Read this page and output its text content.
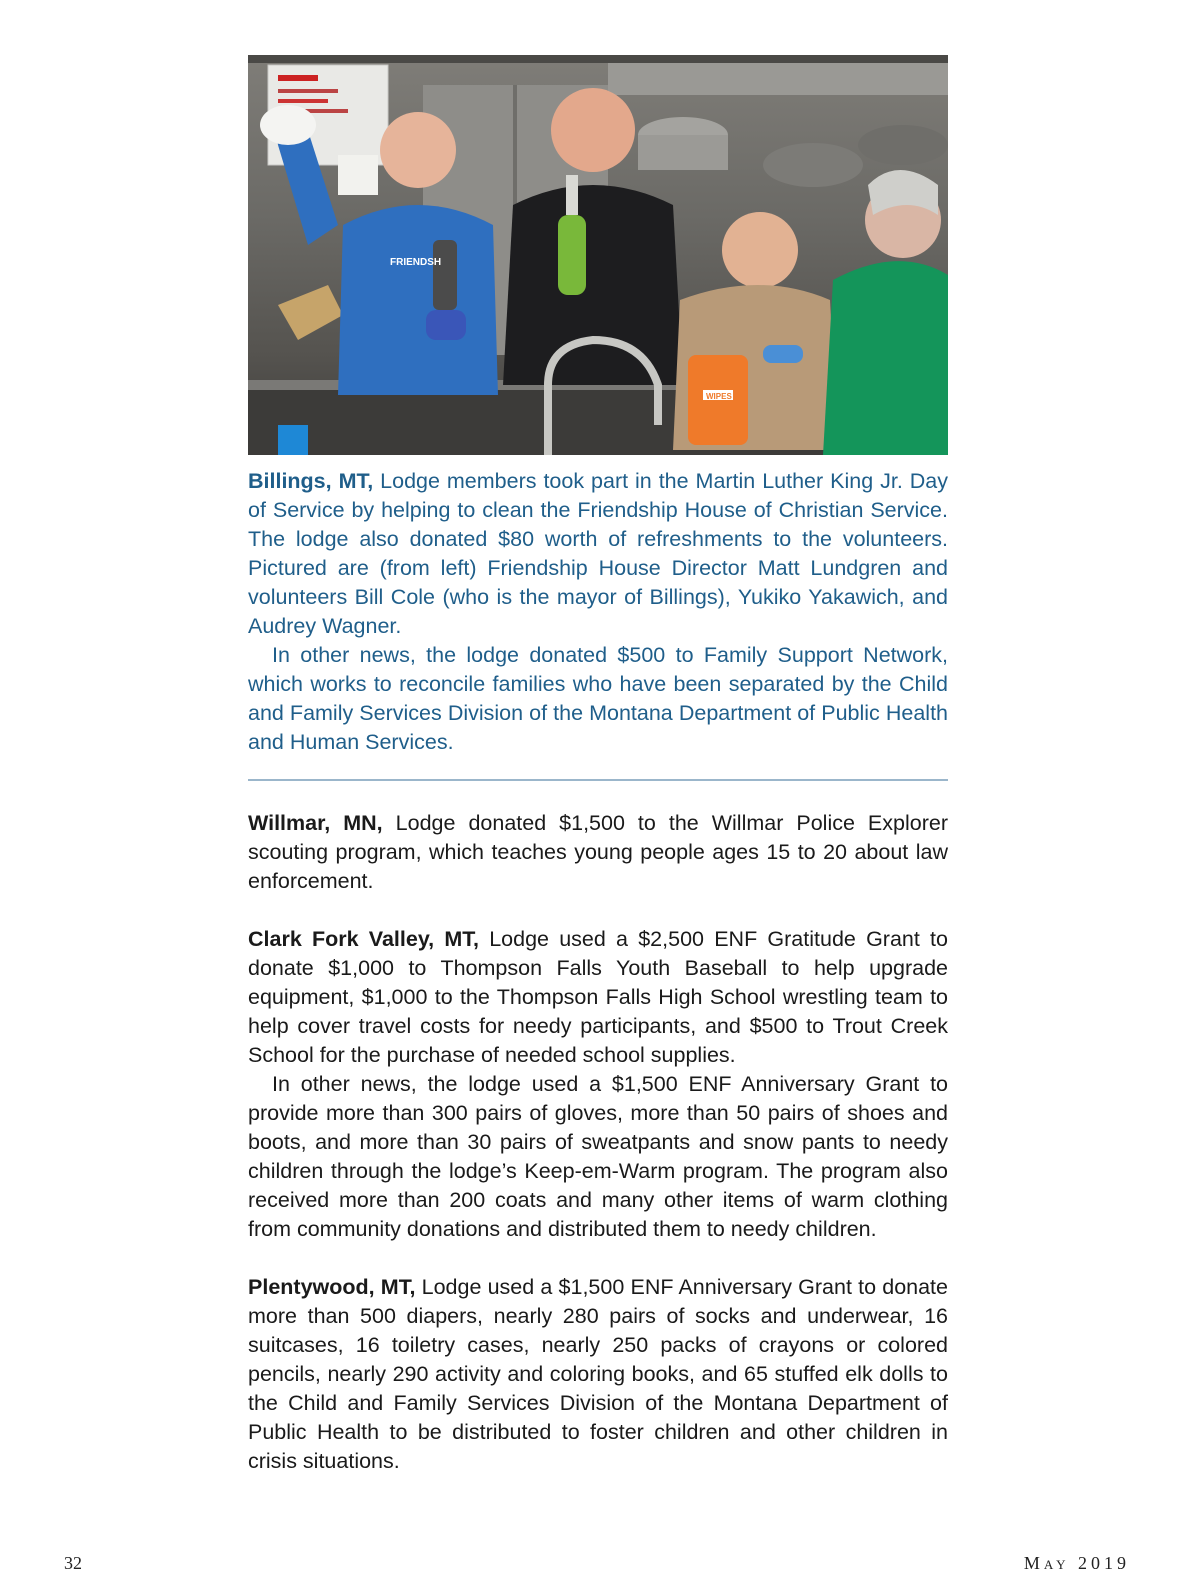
FRIENDSH
WIPES
Billings, MT, Lodge members took part in the Martin Luther King Jr. Day of Service by helping to clean the Friendship House of Christian Service. The lodge also donated $80 worth of refreshments to the volunteers. Pictured are (from left) Friendship House Director Matt Lundgren and volunteers Bill Cole (who is the mayor of Billings), Yukiko Yakawich, and Audrey Wagner.
In other news, the lodge donated $500 to Family Support Network, which works to reconcile families who have been separated by the Child and Family Services Division of the Montana Department of Public Health and Human Services.

Willmar, MN, Lodge donated $1,500 to the Willmar Police Explorer scouting program, which teaches young people ages 15 to 20 about law enforcement.

Clark Fork Valley, MT, Lodge used a $2,500 ENF Gratitude Grant to donate $1,000 to Thompson Falls Youth Baseball to help upgrade equipment, $1,000 to the Thompson Falls High School wrestling team to help cover travel costs for needy participants, and $500 to Trout Creek School for the purchase of needed school supplies.

In other news, the lodge used a $1,500 ENF Anniversary Grant to provide more than 300 pairs of gloves, more than 50 pairs of shoes and boots, and more than 30 pairs of sweatpants and snow pants to needy children through the lodge’s Keep-em-Warm program. The program also received more than 200 coats and many other items of warm clothing from community donations and distributed them to needy children.

Plentywood, MT, Lodge used a $1,500 ENF Anniversary Grant to donate more than 500 diapers, nearly 280 pairs of socks and underwear, 16 suitcases, 16 toiletry cases, nearly 250 packs of crayons or colored pencils, nearly 290 activity and coloring books, and 65 stuffed elk dolls to the Child and Family Services Division of the Montana Department of Public Health to be distributed to foster children and other children in crisis situations.

32	May 2019
